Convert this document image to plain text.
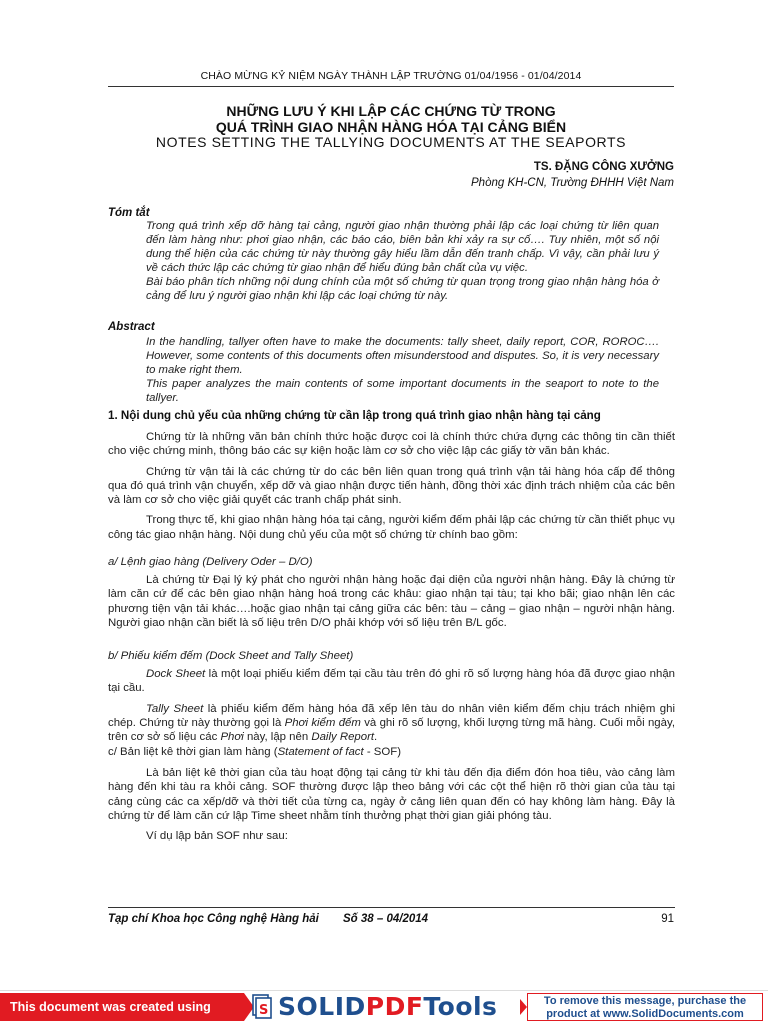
CHÀO MỪNG KỶ NIỆM NGÀY THÀNH LẬP TRƯỜNG 01/04/1956 - 01/04/2014
NHỮNG LƯU Ý KHI LẬP CÁC CHỨNG TỪ TRONG
QUÁ TRÌNH GIAO NHẬN HÀNG HÓA TẠI CẢNG BIỂN
NOTES SETTING THE TALLYING DOCUMENTS AT THE SEAPORTS
TS. ĐẶNG CÔNG XƯỞNG
Phòng KH-CN, Trường ĐHHH Việt Nam
Tóm tắt

Trong quá trình xếp dỡ hàng tại cảng, người giao nhận thường phải lập các loại chứng từ liên quan đến làm hàng như: phơi giao nhận, các báo cáo, biên bản khi xảy ra sự cố…. Tuy nhiên, một số nội dung thể hiện của các chứng từ này thường gây hiểu lầm dẫn đến tranh chấp. Vì vậy, cần phải lưu ý về cách thức lập các chứng từ giao nhận để hiểu đúng bản chất của vụ việc.

Bài báo phân tích những nội dung chính của một số chứng từ quan trọng trong giao nhận hàng hóa ở cảng để lưu ý người giao nhận khi lập các loại chứng từ này.

Abstract

In the handling, tallyer often have to make the documents: tally sheet, daily report, COR, ROROC…. However, some contents of this documents often misunderstood and disputes. So, it is very necessary to make right them.

This paper analyzes the main contents of some important documents in the seaport to note to the tallyer.

1. Nội dung chủ yếu của những chứng từ cần lập trong quá trình giao nhận hàng tại cảng

Chứng từ là những văn bản chính thức hoặc được coi là chính thức chứa đựng các thông tin cần thiết cho việc chứng minh, thông báo các sự kiện hoặc làm cơ sở cho việc lập các giấy tờ văn bản khác.

Chứng từ vận tải là các chứng từ do các bên liên quan trong quá trình vận tải hàng hóa cấp để thông qua đó quá trình vận chuyển, xếp dỡ và giao nhận được tiến hành, đồng thời xác định trách nhiệm của các bên và làm cơ sở cho việc giải quyết các tranh chấp phát sinh.

Trong thực tế, khi giao nhận hàng hóa tại cảng, người kiểm đếm phải lập các chứng từ cần thiết phục vụ công tác giao nhận hàng. Nội dung chủ yếu của một số chứng từ chính bao gồm:

a/ Lệnh giao hàng (Delivery Oder – D/O)

Là chứng từ Đại lý ký phát cho người nhận hàng hoặc đại diện của người nhận hàng. Đây là chứng từ làm căn cứ để các bên giao nhận hàng hoá trong các khâu: giao nhận tại tàu; tại kho bãi; giao nhận lên các phương tiện vận tải khác….hoặc giao nhận tại cảng giữa các bên: tàu – cảng – giao nhận – người nhận hàng. Người giao nhận cần biết là số liệu trên D/O phải khớp với số liệu trên B/L gốc.

b/ Phiếu kiểm đếm (Dock Sheet and Tally Sheet)

Dock Sheet là một loại phiếu kiểm đếm tại cầu tàu trên đó ghi rõ số lượng hàng hóa đã được giao nhận tại cầu.

Tally Sheet là phiếu kiểm đếm hàng hóa đã xếp lên tàu do nhân viên kiểm đếm chịu trách nhiệm ghi chép. Chứng từ này thường gọi là Phơi kiểm đếm và ghi rõ số lượng, khối lượng từng mã hàng. Cuối mỗi ngày, trên cơ sở số liệu các Phơi này, lập nên Daily Report.

c/ Bản liệt kê thời gian làm hàng (Statement of fact - SOF)

Là bản liệt kê thời gian của tàu hoạt động tại cảng từ khi tàu đến địa điểm đón hoa tiêu, vào cảng làm hàng đến khi tàu ra khỏi cảng. SOF thường được lập theo bảng với các cột thể hiện rõ thời gian của tàu tại cảng cùng các ca xếp/dỡ và thời tiết của từng ca, ngày ở cảng liên quan đến có hay không làm hàng. Đây là chứng từ để làm căn cứ lập Time sheet nhằm tính thưởng phạt thời gian giải phóng tàu.

Ví dụ lập bản SOF như sau:

Tạp chí Khoa học Công nghệ Hàng hải Số 38 – 04/2014	91
This document was created using	S SOLIDPDFTools	To remove this message, purchase the
product at www.SolidDocuments.com
